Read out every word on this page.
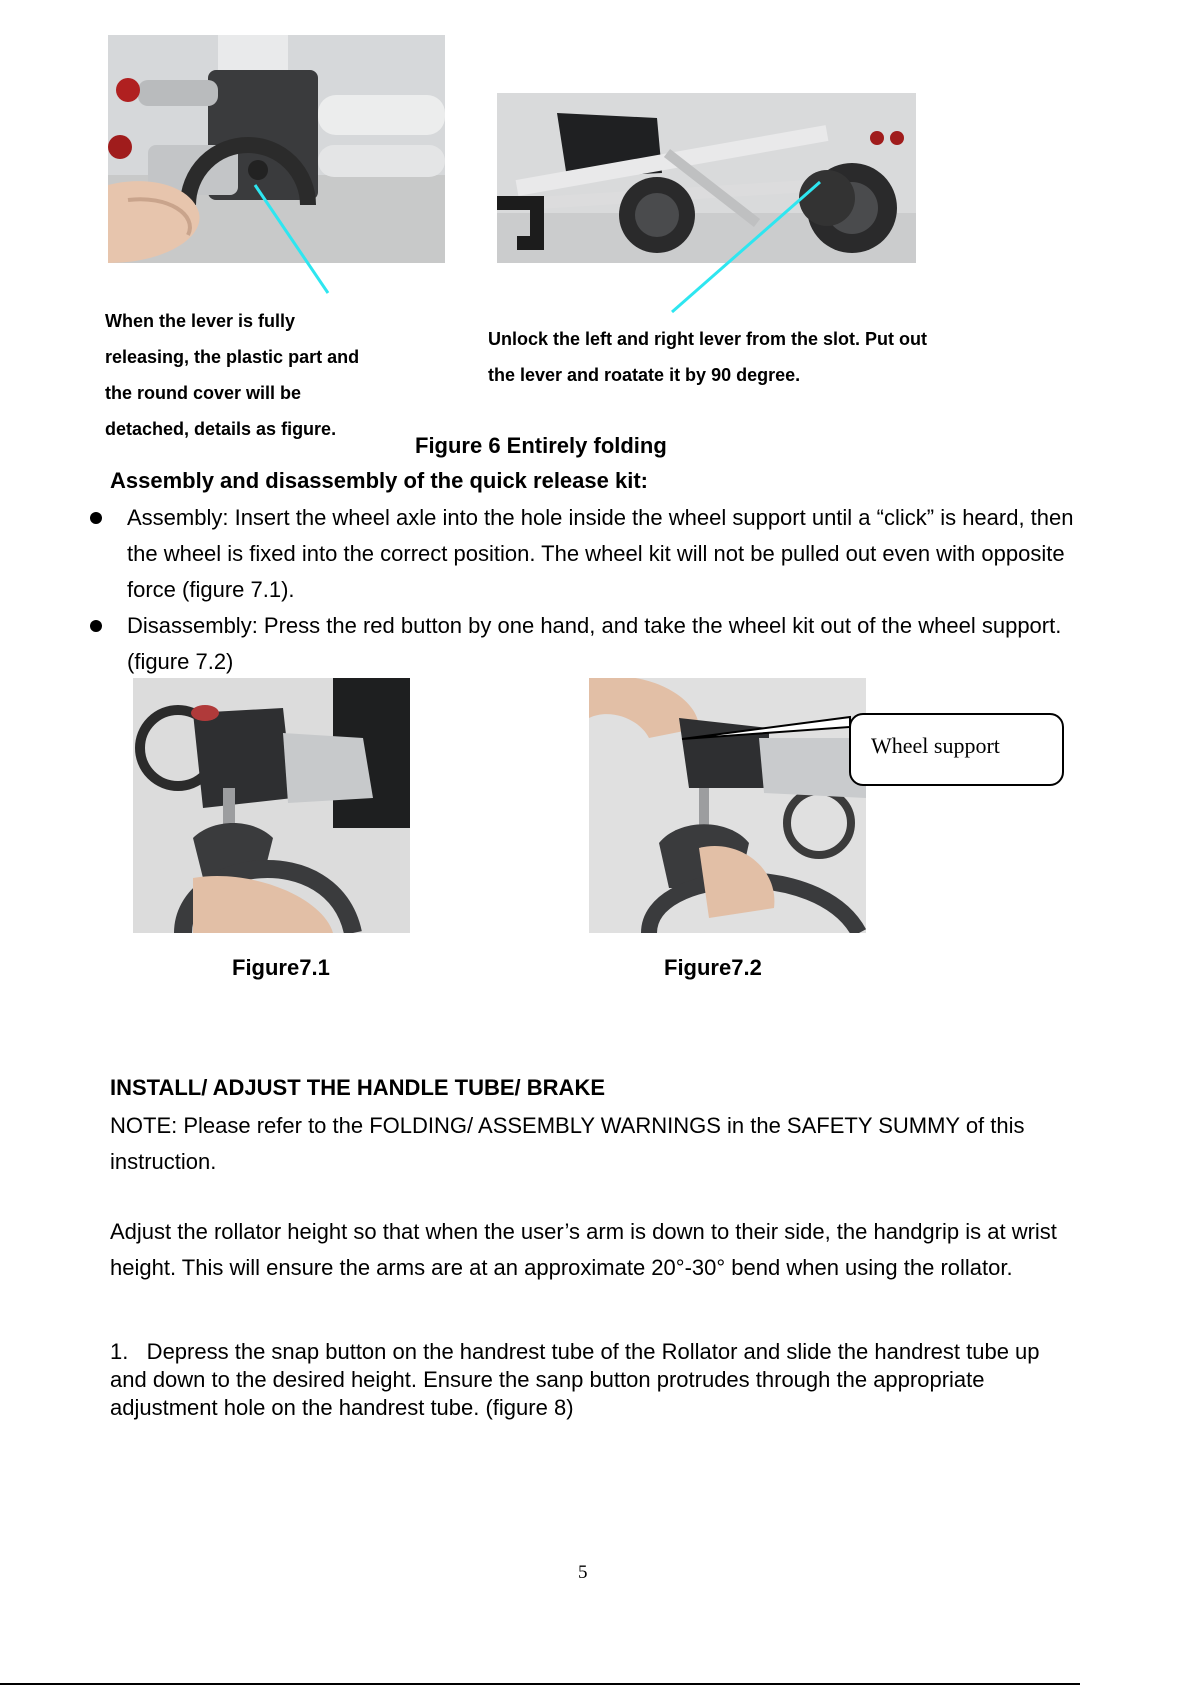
When the lever is fully
releasing, the plastic part and
the round cover will be
detached, details as figure.
Unlock the left and right lever from the slot. Put out
the lever and roatate it by 90 degree.
Figure 6 Entirely folding
Assembly and disassembly of the quick release kit:
Assembly: Insert the wheel axle into the hole inside the wheel support until a “click” is heard, then the wheel is fixed into the correct position. The wheel kit will not be pulled out even with opposite force (figure 7.1).
Disassembly: Press the red button by one hand, and take the wheel kit out of the wheel support.(figure 7.2)
Wheel support
Figure7.1	Figure7.2
INSTALL/ ADJUST THE HANDLE TUBE/ BRAKE
NOTE: Please refer to the FOLDING/ ASSEMBLY WARNINGS in the SAFETY SUMMY of this instruction.
Adjust the rollator height so that when the user’s arm is down to their side, the handgrip is at wrist height. This will ensure the arms are at an approximate 20°-30° bend when using the rollator.
1.   Depress the snap button on the handrest tube of the Rollator and slide the handrest tube up and down to the desired height. Ensure the sanp button protrudes through the appropriate adjustment hole on the handrest tube. (figure 8)
5
